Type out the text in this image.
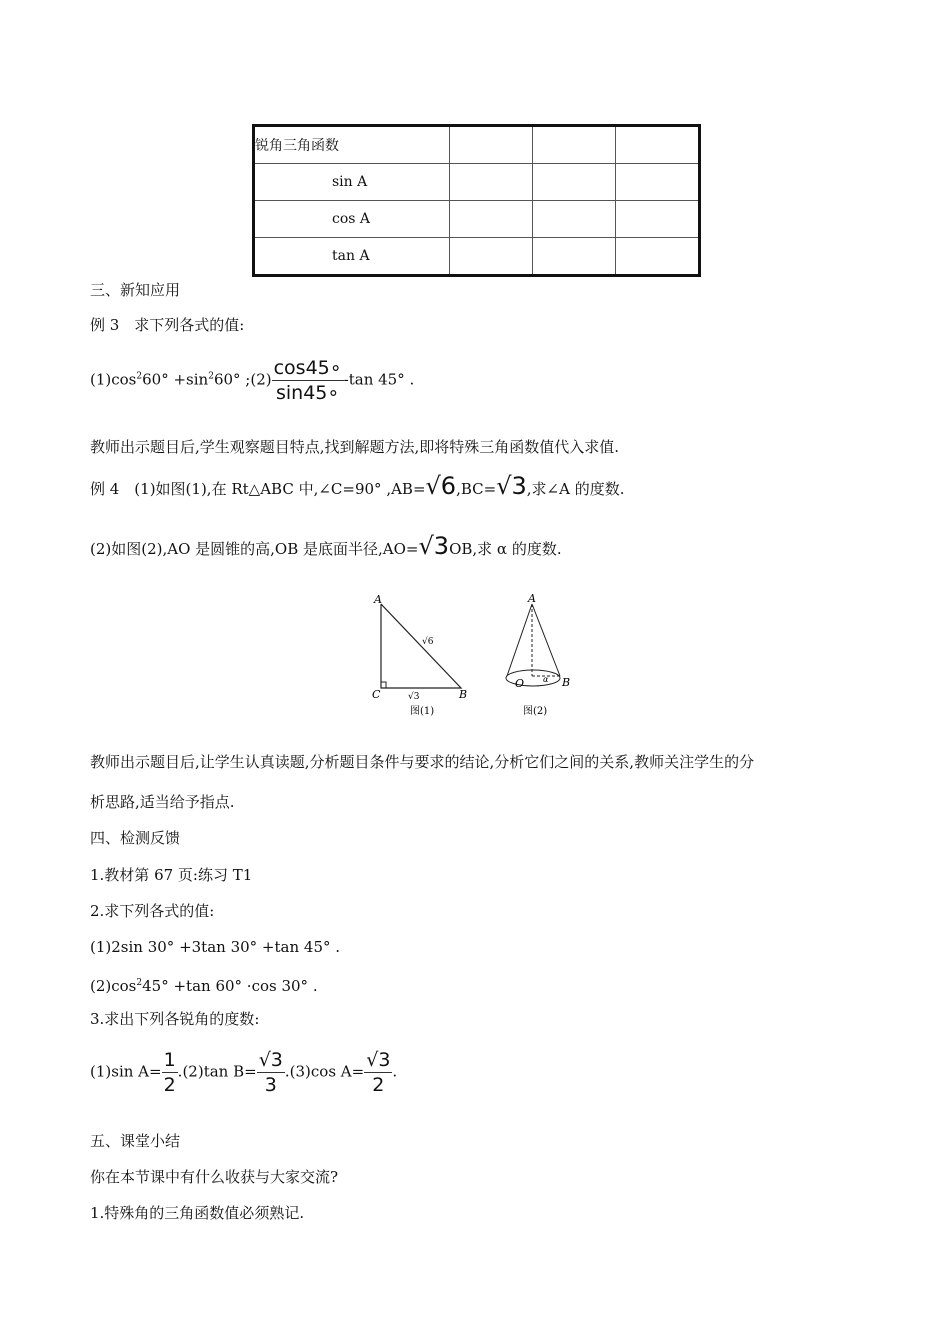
锐角三角函数			
sin A			
cos A			
tan A			
三、新知应用
例 3　求下列各式的值:
$(1)\cos^260^\circ +\sin^260^\circ$ ;(2) $\frac{\cos 45\circ}{\sin 45\circ} -\tan$ 45° .
教师出示题目后,学生观察题目特点,找到解题方法,即将特殊三角函数值代入求值.
例 4　(1)如图(1),在 Rt△ABC 中,∠C=90° ,AB=√6,BC=√3,求∠A 的度数.
(2)如图(2),AO 是圆锥的高,OB 是底面半径,AO=√3OB,求 α 的度数.
A
C	B
√6
√3
图(1)
A
O	B
α
图(2)
教师出示题目后,让学生认真读题,分析题目条件与要求的结论,分析它们之间的关系,教师关注学生的分
析思路,适当给予指点.
四、检测反馈
1.教材第 67 页:练习 T1
2.求下列各式的值:
(1)2sin 30° +3tan 30° +tan 45° .
$(2)\cos^245^\circ +\tan$ 60° ·cos 30° .
3.求出下列各锐角的度数:
(1)sin $A= \frac{1}{2} .(2)\tan$ $B= \frac{√3}{3} .(3)\cos$ $A= \frac{√3}{2}$ .
五、课堂小结
你在本节课中有什么收获与大家交流?
1.特殊角的三角函数值必须熟记.
